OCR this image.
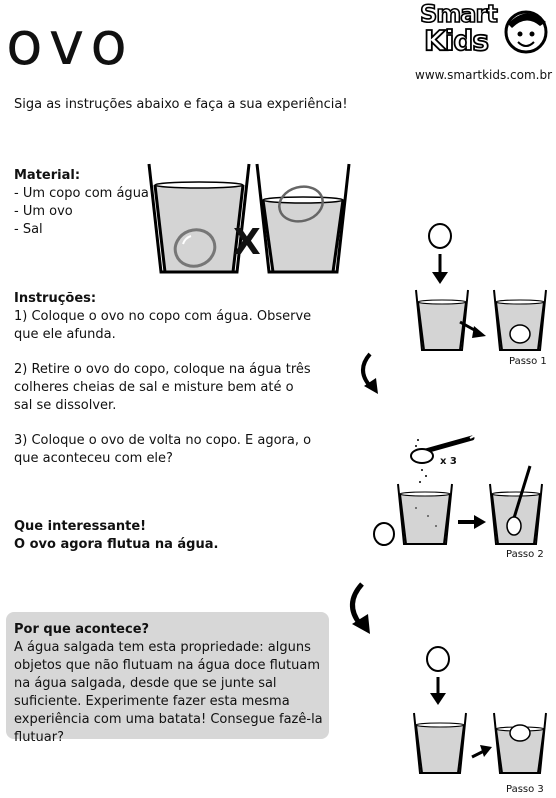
ovo	Smart
Kids
www.smartkids.com.br
Siga as instruções abaixo e faça a sua experiência!
Material:
- Um copo com água
- Um ovo
- Sal	X
Instruções:

1) Coloque o ovo no copo com água. Observe que ele afunda.

2) Retire o ovo do copo, coloque na água três colheres cheias de sal e misture bem até o sal se dissolver.

3) Coloque o ovo de volta no copo. E agora, o que aconteceu com ele?

Que interessante!
O ovo agora flutua na água.
Por que acontece?
A água salgada tem esta propriedade: alguns objetos que não flutuam na água doce flutuam na água salgada, desde que se junte sal suficiente. Experimente fazer esta mesma experiência com uma batata! Consegue fazê-la flutuar?
Passo 1
x 3
Passo 2
Passo 3
